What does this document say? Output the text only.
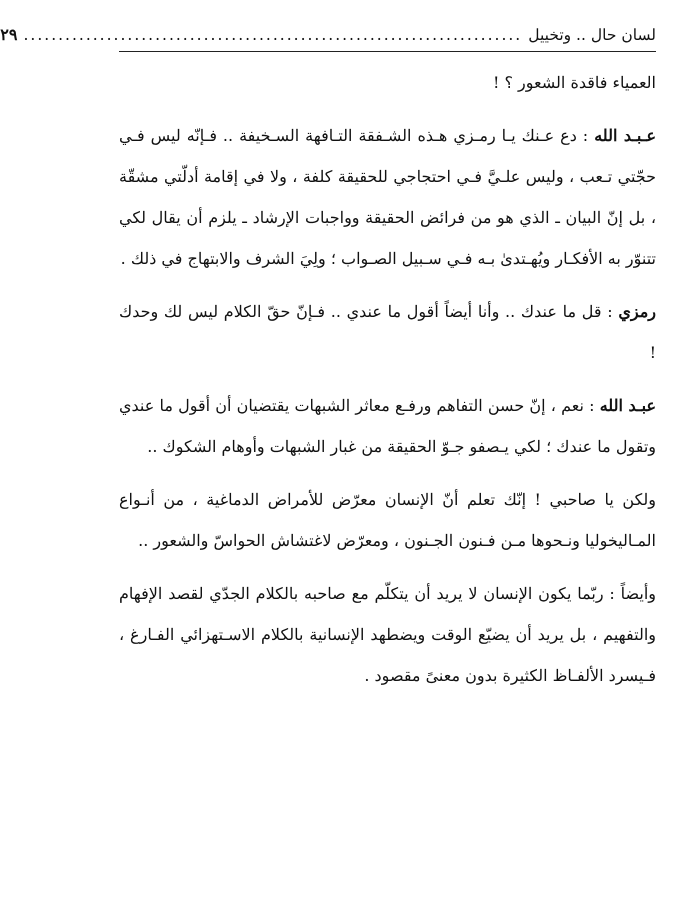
لسان حال .. وتخييل
........................................................................
٢٩

العمياء فاقدة الشعور ؟ !

عـبـد الله : دع عـنك يـا رمـزي هـذه الشـفقة التـافهة السـخيفة .. فـإنّه ليس فـي حجّتي تـعب ، وليس علـيَّ فـي احتجاجي للحقيقة كلفة ، ولا في إقامة أدلّتي مشقّة ، بل إنّ البيان ـ الذي هو من فرائض الحقيقة وواجبات الإرشاد ـ يلزم أن يقال لكي تتنوّر به الأفكـار ويُهـتدىٰ بـه فـي سـبيل الصـواب ؛ ولِيَ الشرف والابتهاج في ذلك .

رمزي : قل ما عندك .. وأنا أيضاً أقول ما عندي .. فـإنّ حقّ الكلام ليس لك وحدك !

عبـد الله : نعم ، إنّ حسن التفاهم ورفـع معاثر الشبهات يقتضيان أن أقول ما عندي وتقول ما عندك ؛ لكي يـصفو جـوّ الحقيقة من غبار الشبهات وأوهام الشكوك ..

ولكن يا صاحبي ! إنّك تعلم أنّ الإنسان معرّض للأمراض الدماغية ، من أنـواع المـاليخوليا ونـحوها مـن فـنون الجـنون ، ومعرّض لاغتشاش الحواسّ والشعور ..

وأيضاً : ربّما يكون الإنسان لا يريد أن يتكلّم مع صاحبه بالكلام الجدّي لقصد الإفهام والتفهيم ، بل يريد أن يضيّع الوقت ويضطهد الإنسانية بالكلام الاسـتهزائي الفـارغ ، فـيسرد الألفـاظ الكثيرة بدون معنىً مقصود .
